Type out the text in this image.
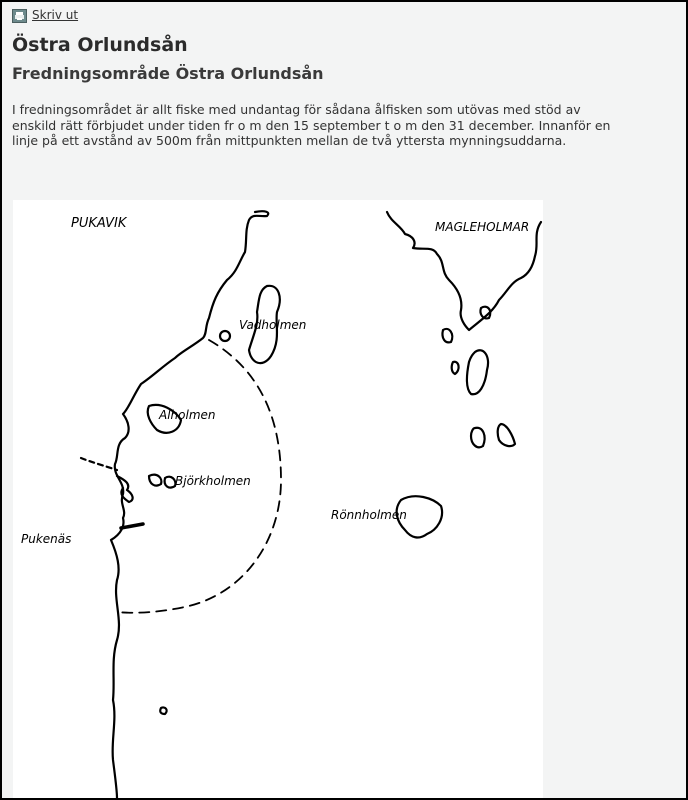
Skriv ut
Östra Orlundsån
Fredningsområde Östra Orlundsån

I fredningsområdet är allt fiske med undantag för sådana ålfisken som utövas med stöd av enskild rätt förbjudet under tiden fr o m den 15 september t o m den 31 december. Innanför en linje på ett avstånd av 500m från mittpunkten mellan de två yttersta mynningsuddarna.

PUKAVIK	MAGLEHOLMAR
Vadholmen
Alholmen
Björkholmen
Rönnholmen
Pukenäs
